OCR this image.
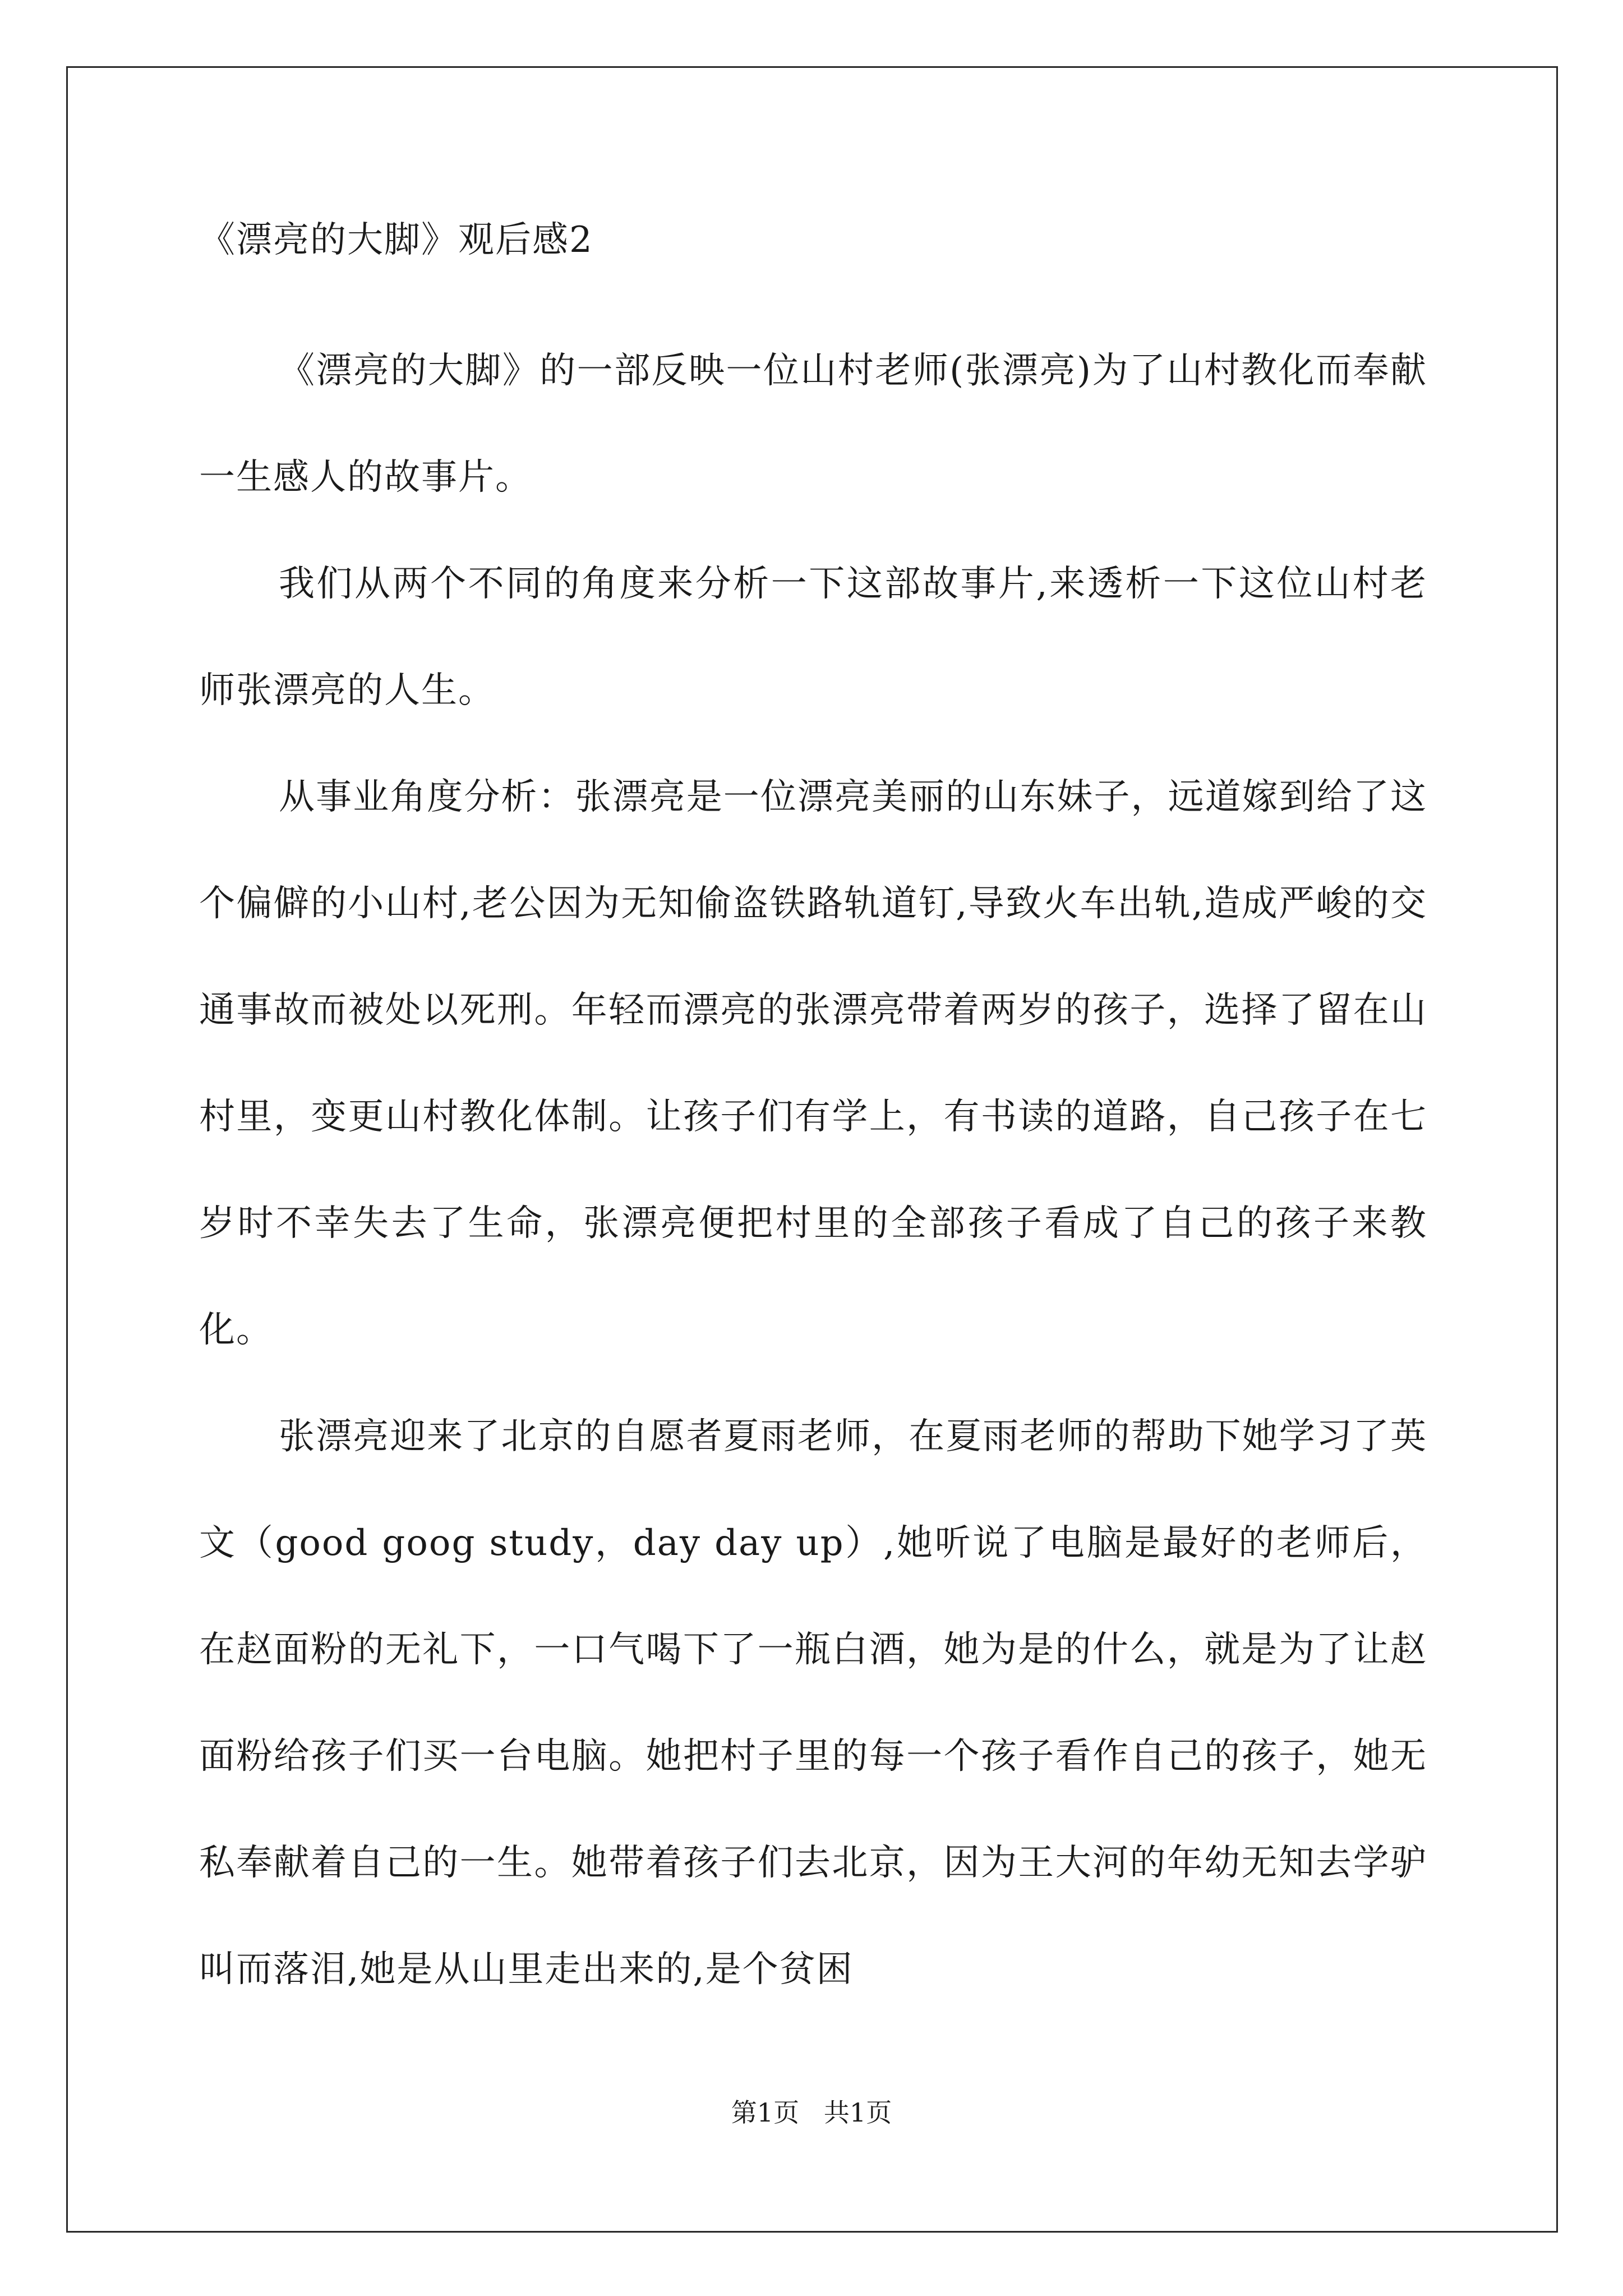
《漂亮的大脚》观后感2

《漂亮的大脚》的一部反映一位山村老师(张漂亮)为了山村教化而奉献一生感人的故事片。

我们从两个不同的角度来分析一下这部故事片,来透析一下这位山村老师张漂亮的人生。

从事业角度分析：张漂亮是一位漂亮美丽的山东妹子，远道嫁到给了这个偏僻的小山村,老公因为无知偷盗铁路轨道钉,导致火车出轨,造成严峻的交通事故而被处以死刑。年轻而漂亮的张漂亮带着两岁的孩子，选择了留在山村里，变更山村教化体制。让孩子们有学上，有书读的道路，自己孩子在七岁时不幸失去了生命，张漂亮便把村里的全部孩子看成了自己的孩子来教化。

张漂亮迎来了北京的自愿者夏雨老师，在夏雨老师的帮助下她学习了英文（good goog study，day day up）,她听说了电脑是最好的老师后，在赵面粉的无礼下，一口气喝下了一瓶白酒，她为是的什么，就是为了让赵面粉给孩子们买一台电脑。她把村子里的每一个孩子看作自己的孩子，她无私奉献着自己的一生。她带着孩子们去北京，因为王大河的年幼无知去学驴叫而落泪,她是从山里走出来的,是个贫困

第1页   共1页
